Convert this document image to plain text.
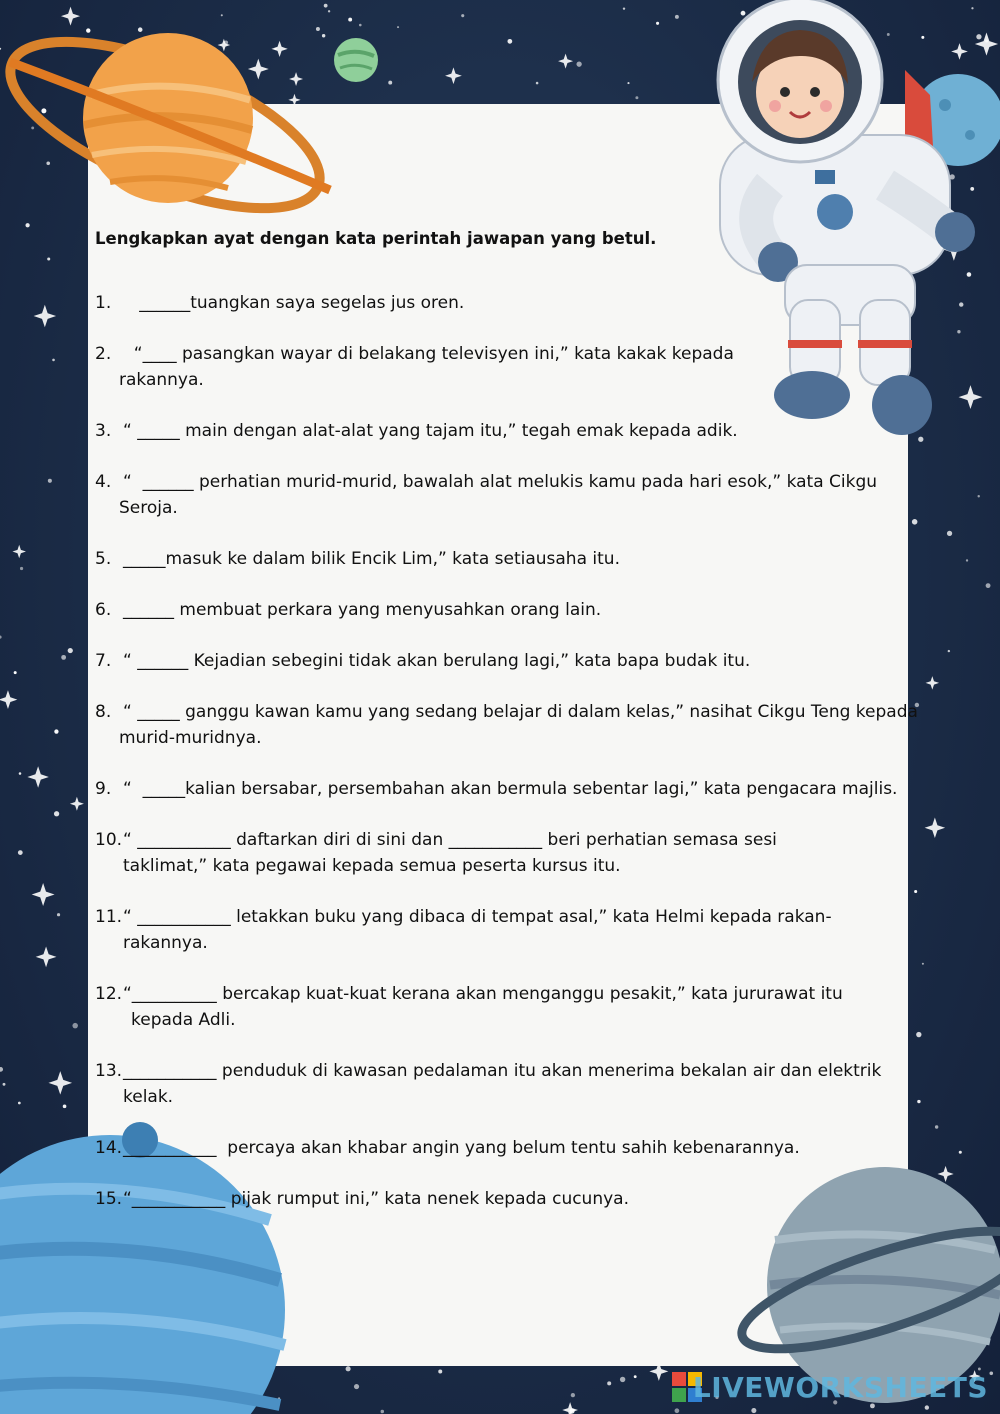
Lengkapkan ayat dengan kata perintah jawapan yang betul.
1.   ______tuangkan saya segelas jus oren.
2.  “____ pasangkan wayar di belakang televisyen ini,” kata kakak kepada
rakannya.
3. “ _____ main dengan alat-alat yang tajam itu,” tegah emak kepada adik.
4. “  ______ perhatian murid-murid, bawalah alat melukis kamu pada hari esok,” kata Cikgu
Seroja.
5. _____masuk ke dalam bilik Encik Lim,” kata setiausaha itu.
6. ______ membuat perkara yang menyusahkan orang lain.
7. “ ______ Kejadian sebegini tidak akan berulang lagi,” kata bapa budak itu.
8. “ _____ ganggu kawan kamu yang sedang belajar di dalam kelas,” nasihat Cikgu Teng kepada
murid-muridnya.
9. “  _____kalian bersabar, persembahan akan bermula sebentar lagi,” kata pengacara majlis.
10.“ ___________ daftarkan diri di sini dan ___________ beri perhatian semasa sesi
taklimat,” kata pegawai kepada semua peserta kursus itu.
11.“ ___________ letakkan buku yang dibaca di tempat asal,” kata Helmi kepada rakan-
rakannya.
12.“__________ bercakap kuat-kuat kerana akan menganggu pesakit,” kata jururawat itu
kepada Adli.
13.___________ penduduk di kawasan pedalaman itu akan menerima bekalan air dan elektrik
kelak.
14.___________  percaya akan khabar angin yang belum tentu sahih kebenarannya.
15.“___________ pijak rumput ini,” kata nenek kepada cucunya.
LIVEWORKSHEETS
